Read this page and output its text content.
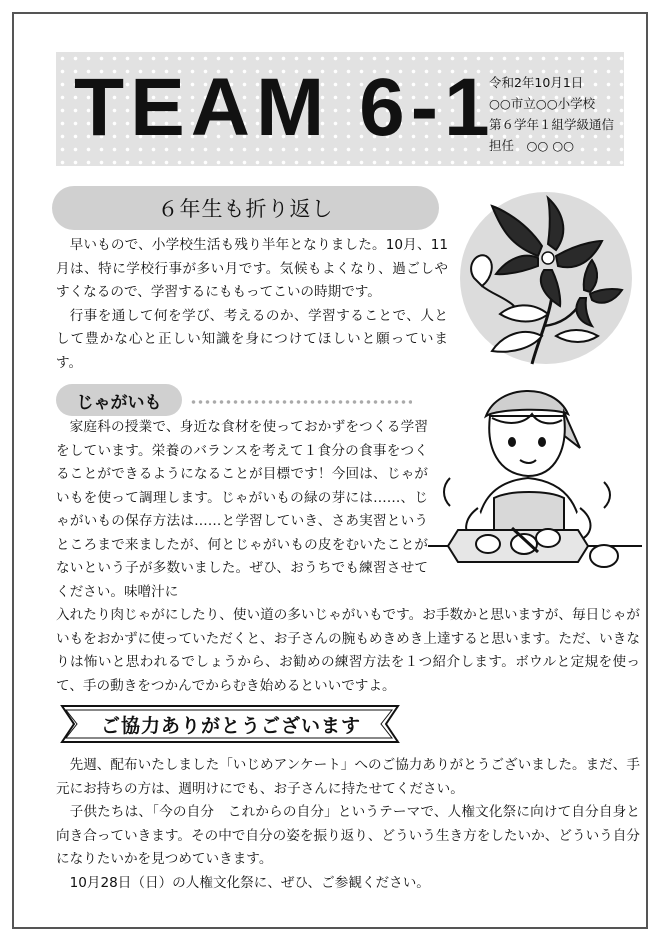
TEAM 6-1
令和2年10月1日
○○市立○○小学校
第６学年１組学級通信
担任　○○ ○○
６年生も折り返し

早いもので、小学校生活も残り半年となりました。10月、11月は、特に学校行事が多い月です。気候もよくなり、過ごしやすくなるので、学習するにももってこいの時期です。

行事を通して何を学び、考えるのか、学習することで、人として豊かな心と正しい知識を身につけてほしいと願っています。

じゃがいも

家庭科の授業で、身近な食材を使っておかずをつくる学習をしています。栄養のバランスを考えて１食分の食事をつくることができるようになることが目標です！今回は、じゃがいもを使って調理します。じゃがいもの緑の芽には……、じゃがいもの保存方法は……と学習していき、さあ実習というところまで来ましたが、何とじゃがいもの皮をむいたことがないという子が多数いました。ぜひ、おうちでも練習させてください。味噌汁に

入れたり肉じゃがにしたり、使い道の多いじゃがいもです。お手数かと思いますが、毎日じゃがいもをおかずに使っていただくと、お子さんの腕もめきめき上達すると思います。ただ、いきなりは怖いと思われるでしょうから、お勧めの練習方法を１つ紹介します。ボウルと定規を使って、手の動きをつかんでからむき始めるといいですよ。

ご協力ありがとうございます

先週、配布いたしました「いじめアンケート」へのご協力ありがとうございました。まだ、手元にお持ちの方は、週明けにでも、お子さんに持たせてください。

子供たちは、「今の自分　これからの自分」というテーマで、人権文化祭に向けて自分自身と向き合っていきます。その中で自分の姿を振り返り、どういう生き方をしたいか、どういう自分になりたいかを見つめていきます。

10月28日（日）の人権文化祭に、ぜひ、ご参観ください。
